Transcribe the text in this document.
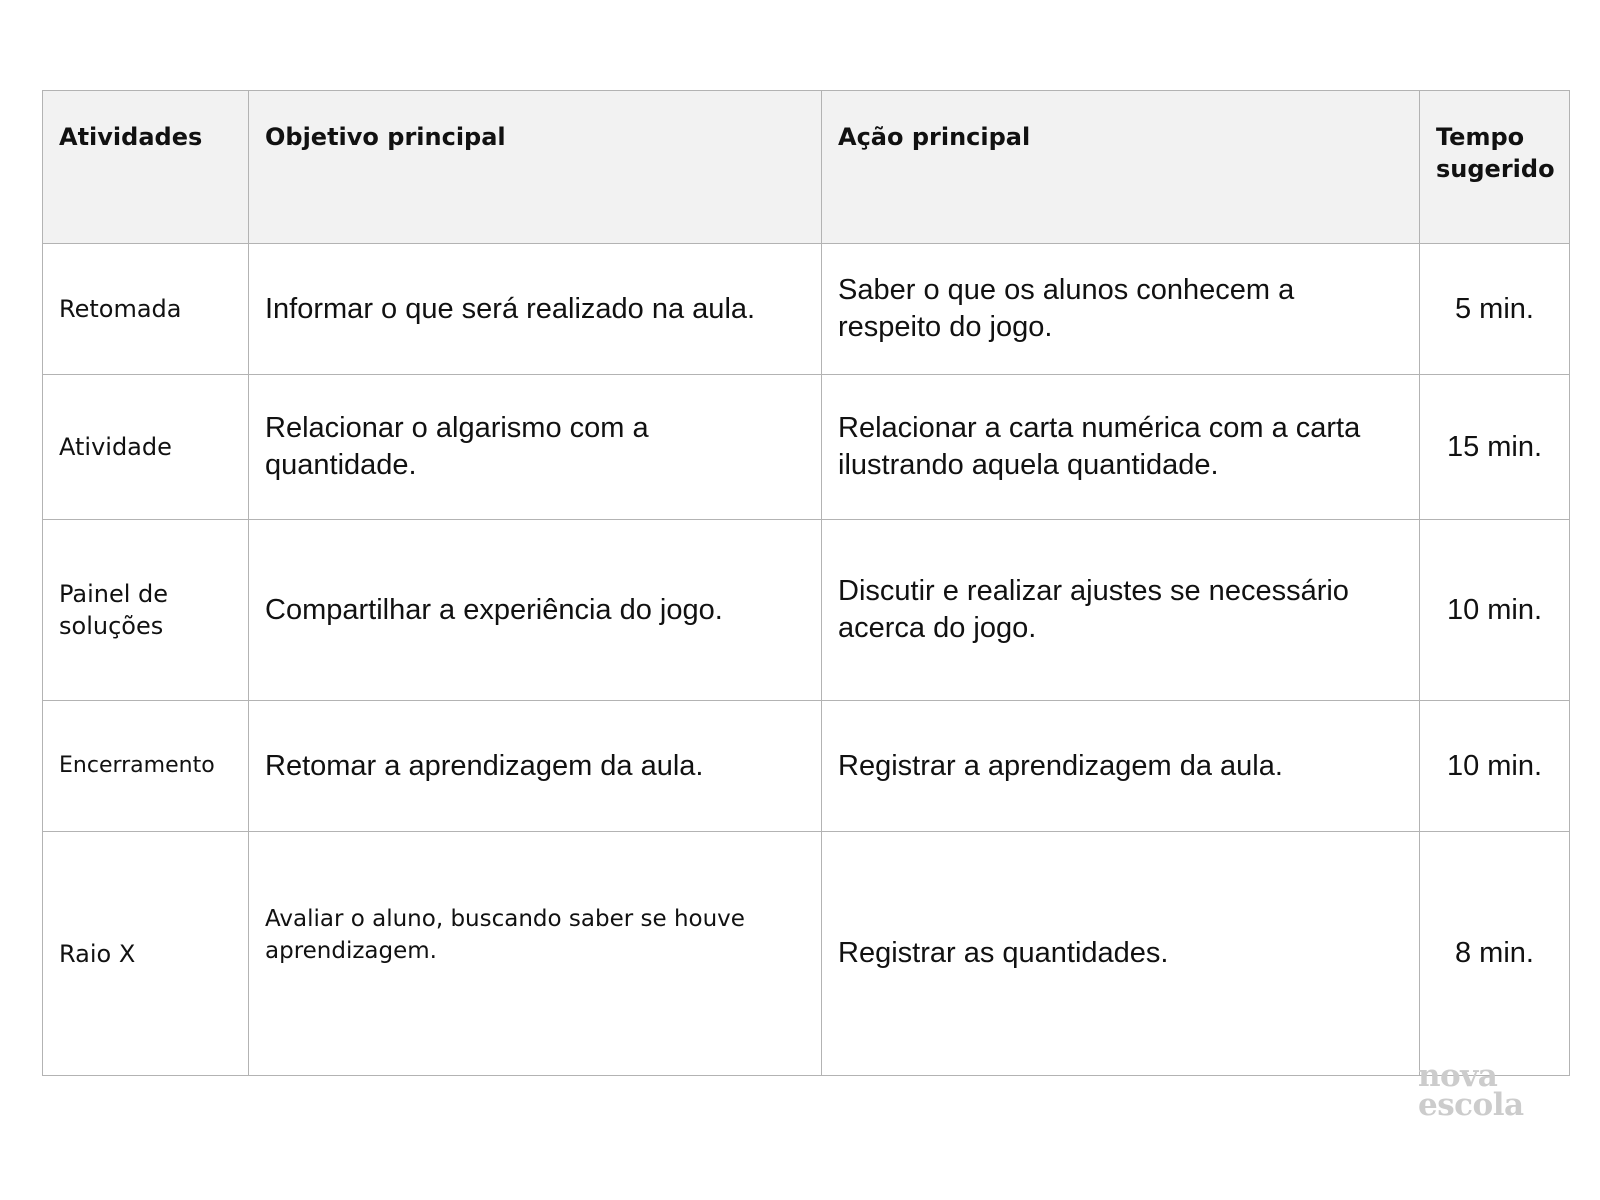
Atividades	Objetivo principal	Ação principal	Tempo sugerido
Retomada	Informar o que será realizado na aula.	Saber o que os alunos conhecem a respeito do jogo.	5 min.
Atividade	Relacionar o algarismo com a quantidade.	Relacionar a carta numérica com a carta ilustrando aquela quantidade.	15 min.
Painel de soluções	Compartilhar a experiência do jogo.	Discutir e realizar ajustes se necessário acerca do jogo.	10 min.
Encerramento	Retomar a aprendizagem da aula.	Registrar a aprendizagem da aula.	10 min.
Raio X	Avaliar o aluno, buscando saber se houve aprendizagem.	Registrar as quantidades.	8 min.
nova
escola
